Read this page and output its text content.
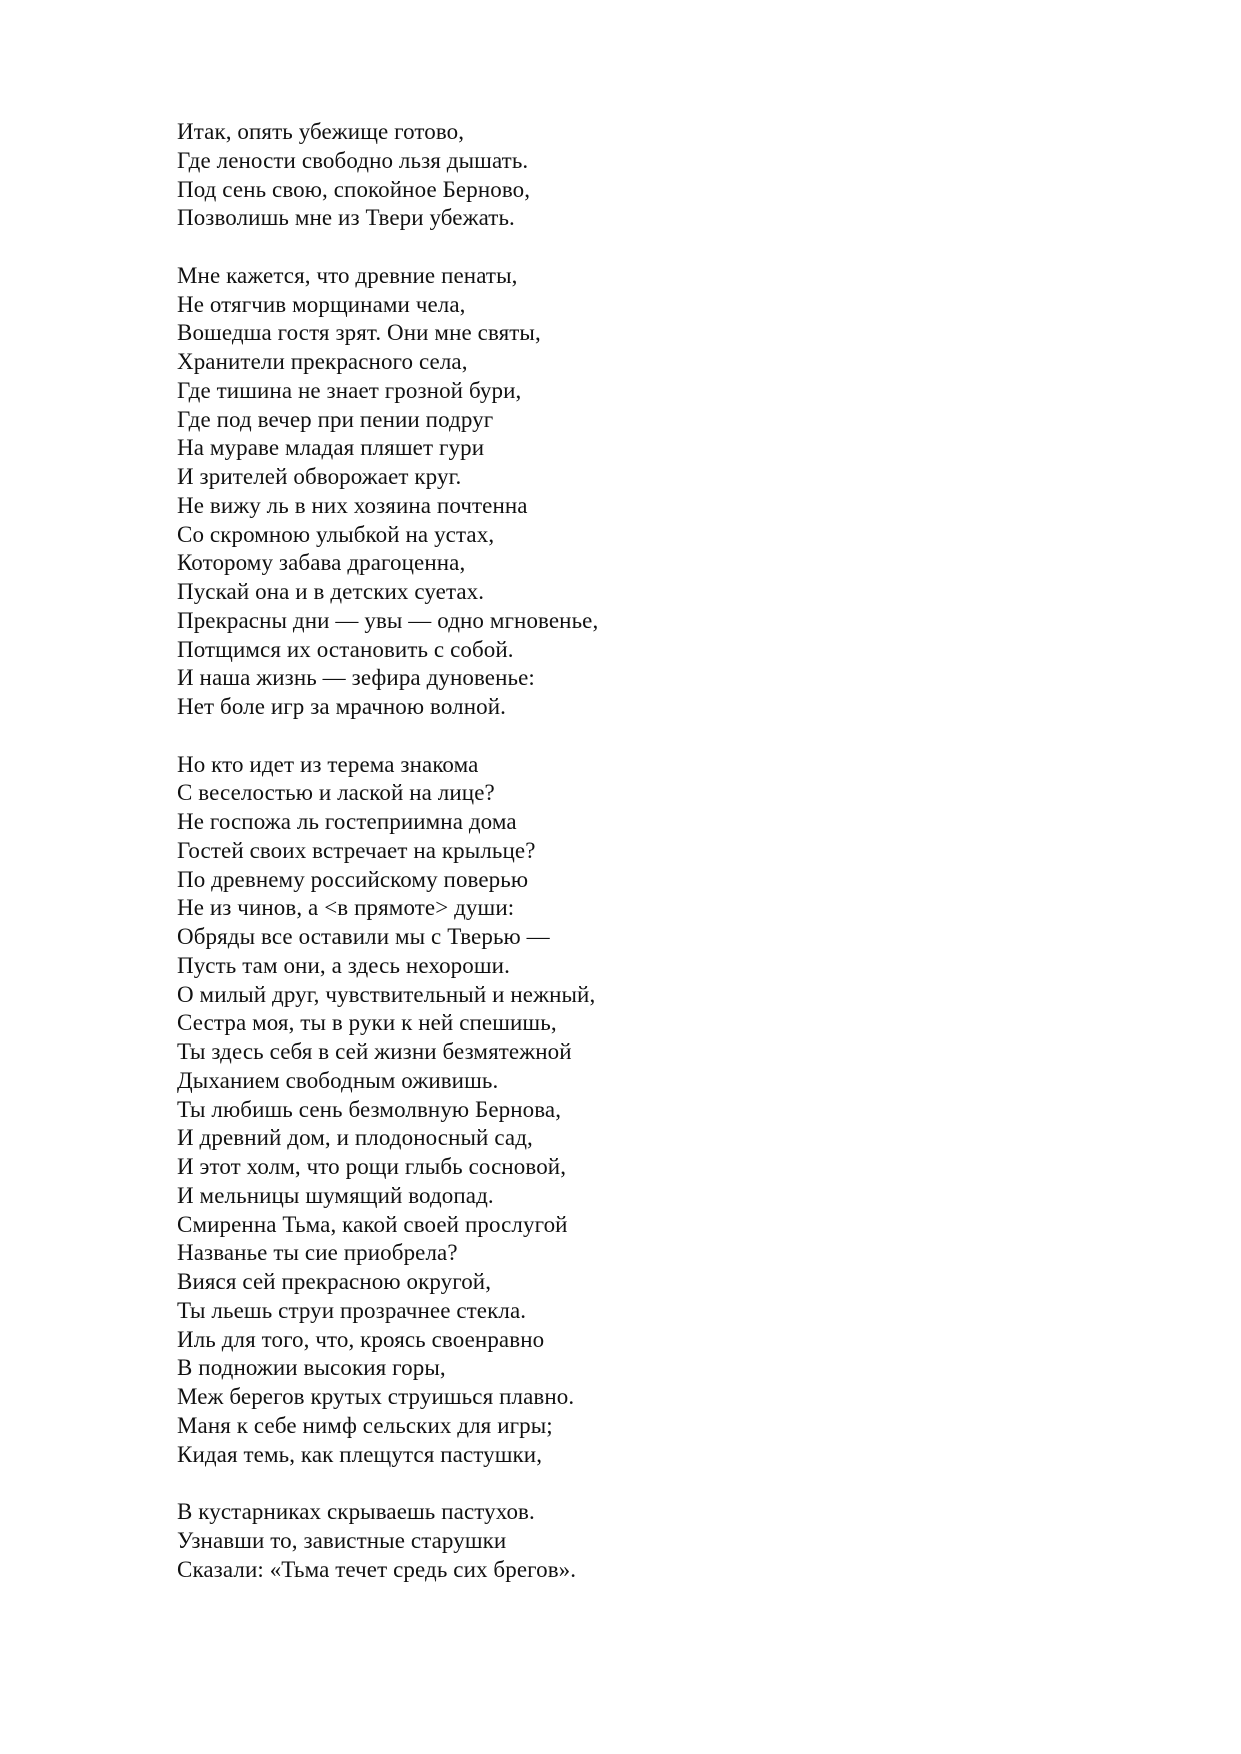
Итак, опять убежище готово,
Где лености свободно льзя дышать.
Под сень свою, спокойное Берново,
Позволишь мне из Твери убежать.
Мне кажется, что древние пенаты,
Не отягчив морщинами чела,
Вошедша гостя зрят. Они мне святы,
Хранители прекрасного села,
Где тишина не знает грозной бури,
Где под вечер при пении подруг
На мураве младая пляшет гури
И зрителей обворожает круг.
Не вижу ль в них хозяина почтенна
Со скромною улыбкой на устах,
Которому забава драгоценна,
Пускай она и в детских суетах.
Прекрасны дни — увы — одно мгновенье,
Потщимся их остановить с собой.
И наша жизнь — зефира дуновенье:
Нет боле игр за мрачною волной.
Но кто идет из терема знакома
С веселостью и лаской на лице?
Не госпожа ль гостеприимна дома
Гостей своих встречает на крыльце?
По древнему российскому поверью
Не из чинов, а <в прямоте> души:
Обряды все оставили мы с Тверью —
Пусть там они, а здесь нехороши.
О милый друг, чувствительный и нежный,
Сестра моя, ты в руки к ней спешишь,
Ты здесь себя в сей жизни безмятежной
Дыханием свободным оживишь.
Ты любишь сень безмолвную Бернова,
И древний дом, и плодоносный сад,
И этот холм, что рощи глыбь сосновой,
И мельницы шумящий водопад.
Смиренна Тьма, какой своей прослугой
Названье ты сие приобрела?
Вияся сей прекрасною округой,
Ты льешь струи прозрачнее стекла.
Иль для того, что, кроясь своенравно
В подножии высокия горы,
Меж берегов крутых струишься плавно.
Маня к себе нимф сельских для игры;
Кидая темь, как плещутся пастушки,
В кустарниках скрываешь пастухов.
Узнавши то, завистные старушки
Сказали: «Тьма течет средь сих брегов».
